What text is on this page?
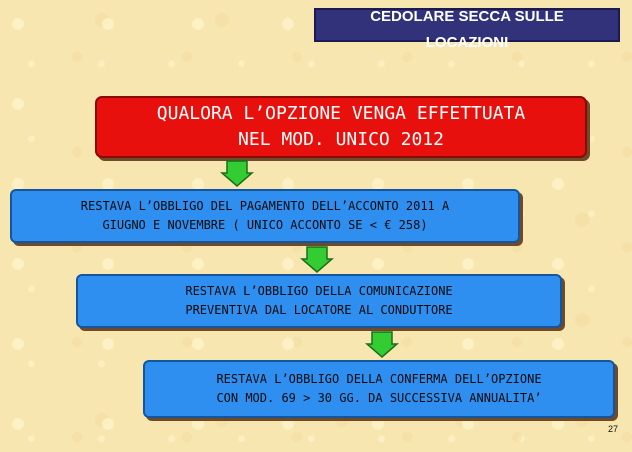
CEDOLARE SECCA SULLE LOCAZIONI
QUALORA L’OPZIONE VENGA EFFETTUATA
NEL MOD. UNICO 2012
RESTAVA L’OBBLIGO DEL PAGAMENTO DELL’ACCONTO 2011 A
GIUGNO E NOVEMBRE ( UNICO ACCONTO SE < € 258)
RESTAVA L’OBBLIGO DELLA COMUNICAZIONE
PREVENTIVA DAL LOCATORE AL CONDUTTORE
RESTAVA L’OBBLIGO DELLA CONFERMA DELL’OPZIONE
CON MOD. 69 > 30 GG. DA SUCCESSIVA ANNUALITA’
27
